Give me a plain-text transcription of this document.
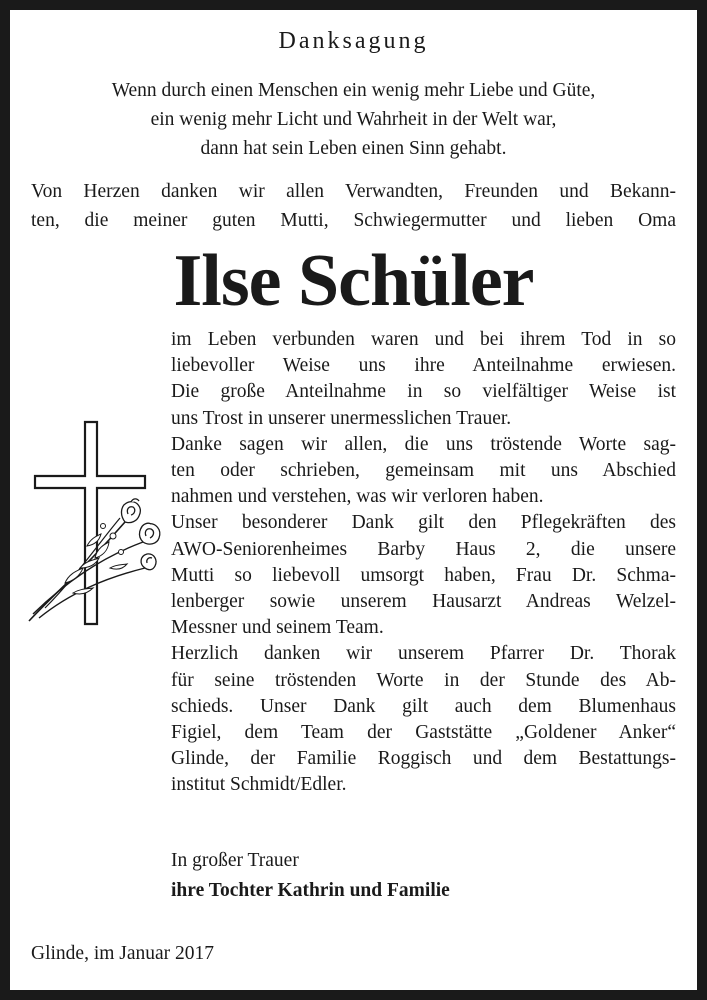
Danksagung
Wenn durch einen Menschen ein wenig mehr Liebe und Güte,
ein wenig mehr Licht und Wahrheit in der Welt war,
dann hat sein Leben einen Sinn gehabt.
Von Herzen danken wir allen Verwandten, Freunden und Bekann-
ten, die meiner guten Mutti, Schwiegermutter und lieben Oma
Ilse Schüler
im Leben verbunden waren und bei ihrem Tod in so
liebevoller Weise uns ihre Anteilnahme erwiesen.
Die große Anteilnahme in so vielfältiger Weise ist
uns Trost in unserer unermesslichen Trauer.
Danke sagen wir allen, die uns tröstende Worte sag-
ten oder schrieben, gemeinsam mit uns Abschied
nahmen und verstehen, was wir verloren haben.
Unser besonderer Dank gilt den Pflegekräften des
AWO-Seniorenheimes Barby Haus 2, die unsere
Mutti so liebevoll umsorgt haben, Frau Dr. Schma-
lenberger sowie unserem Hausarzt Andreas Welzel-
Messner und seinem Team.
Herzlich danken wir unserem Pfarrer Dr. Thorak
für seine tröstenden Worte in der Stunde des Ab-
schieds. Unser Dank gilt auch dem Blumenhaus
Figiel, dem Team der Gaststätte „Goldener Anker“
Glinde, der Familie Roggisch und dem Bestattungs-
institut Schmidt/Edler.
In großer Trauer
ihre Tochter Kathrin und Familie
Glinde, im Januar 2017
